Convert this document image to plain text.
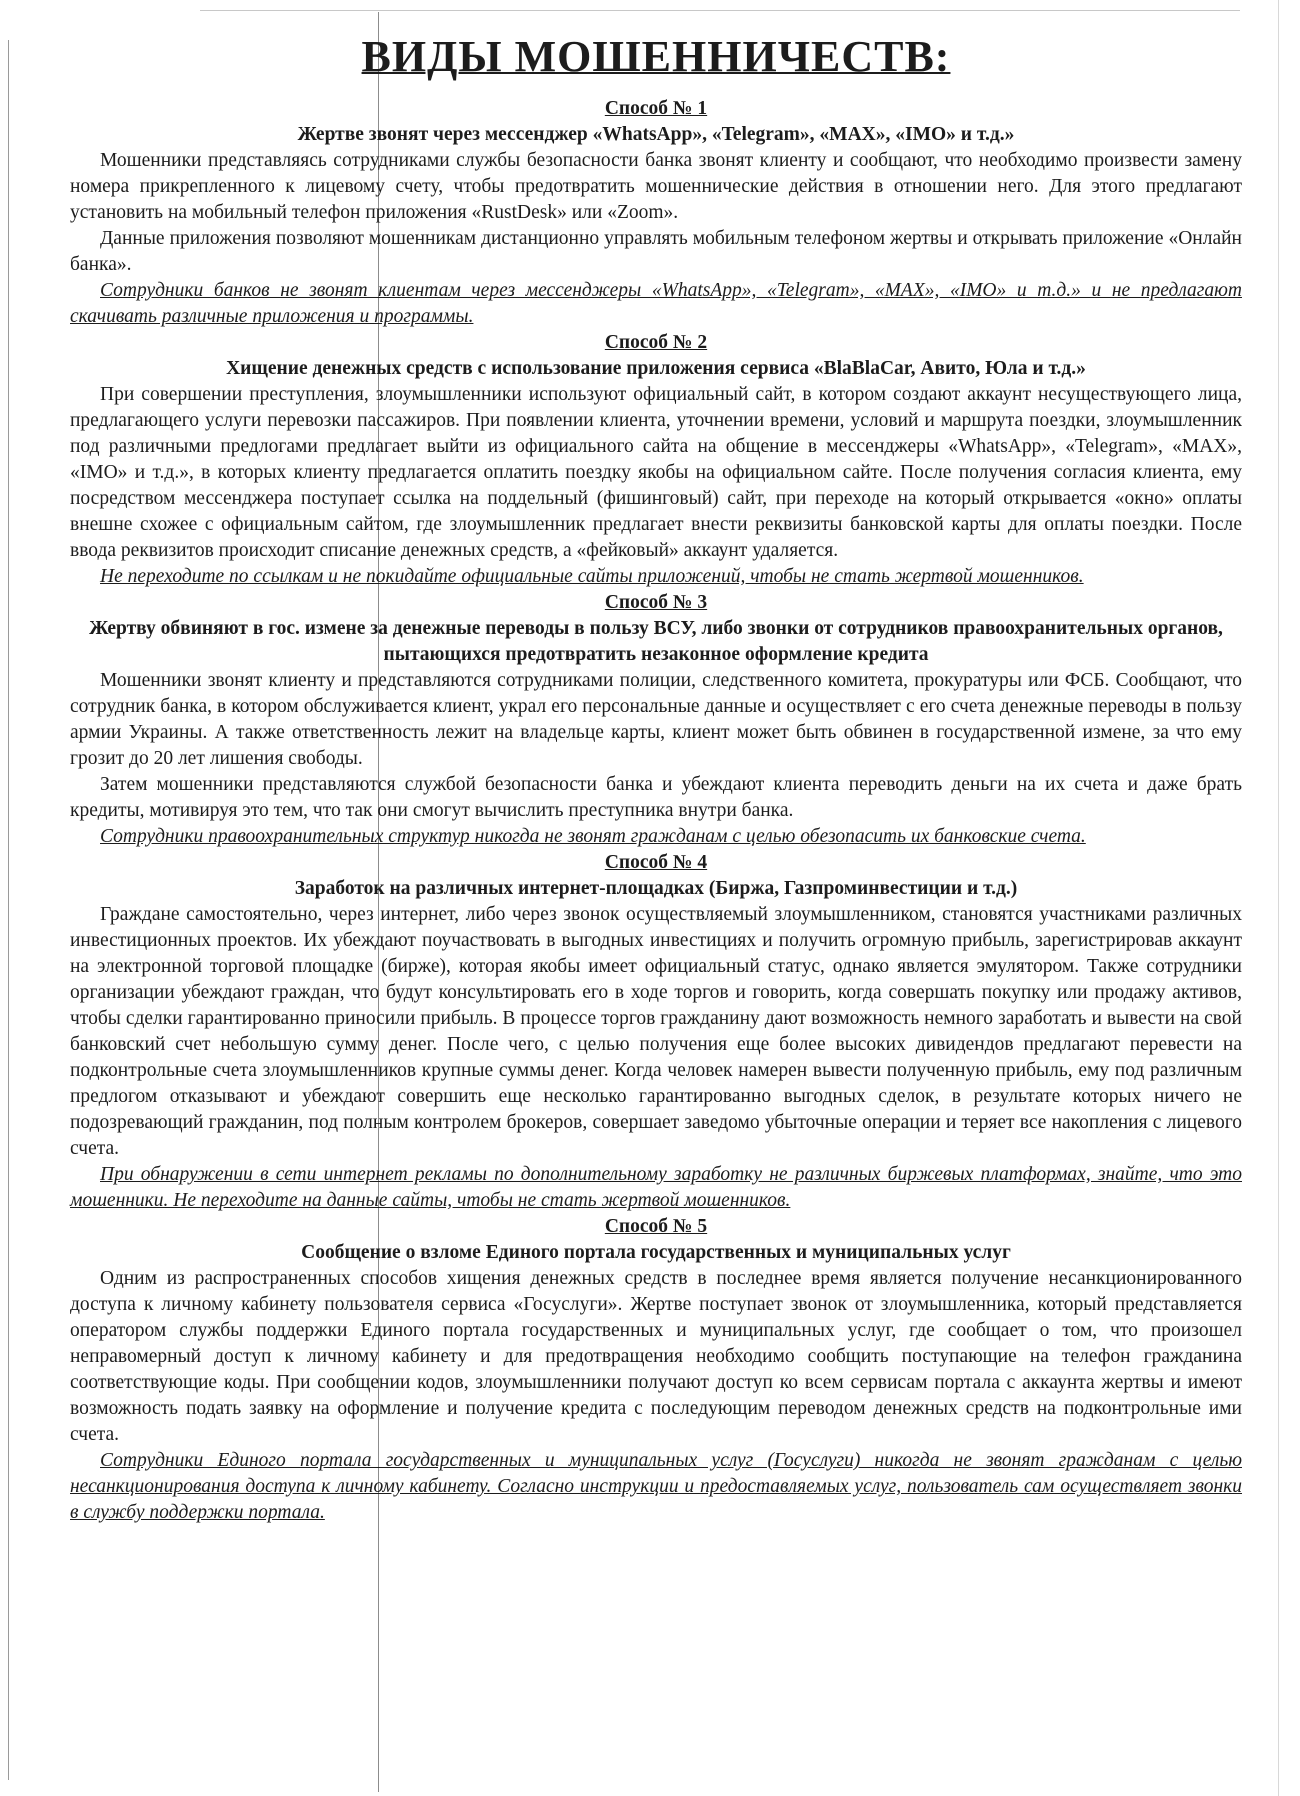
ВИДЫ МОШЕННИЧЕСТВ:
Способ № 1
Жертве звонят через мессенджер «WhatsApp», «Telegram», «MAX», «IMO» и т.д.»

Мошенники представляясь сотрудниками службы безопасности банка звонят клиенту и сообщают, что необходимо произвести замену номера прикрепленного к лицевому счету, чтобы предотвратить мошеннические действия в отношении него. Для этого предлагают установить на мобильный телефон приложения «RustDesk» или «Zoom».

Данные приложения позволяют мошенникам дистанционно управлять мобильным телефоном жертвы и открывать приложение «Онлайн банка».

Сотрудники банков не звонят клиентам через мессенджеры «WhatsApp», «Telegram», «MAX», «IMO» и т.д.» и не предлагают скачивать различные приложения и программы.

Способ № 2
Хищение денежных средств с использование приложения сервиса «BlaBlaCar, Авито, Юла и т.д.»

При совершении преступления, злоумышленники используют официальный сайт, в котором создают аккаунт несуществующего лица, предлагающего услуги перевозки пассажиров. При появлении клиента, уточнении времени, условий и маршрута поездки, злоумышленник под различными предлогами предлагает выйти из официального сайта на общение в мессенджеры «WhatsApp», «Telegram», «MAX», «IMO» и т.д.», в которых клиенту предлагается оплатить поездку якобы на официальном сайте. После получения согласия клиента, ему посредством мессенджера поступает ссылка на поддельный (фишинговый) сайт, при переходе на который открывается «окно» оплаты внешне схожее с официальным сайтом, где злоумышленник предлагает внести реквизиты банковской карты для оплаты поездки. После ввода реквизитов происходит списание денежных средств, а «фейковый» аккаунт удаляется.

Не переходите по ссылкам и не покидайте официальные сайты приложений, чтобы не стать жертвой мошенников.

Способ № 3
Жертву обвиняют в гос. измене за денежные переводы в пользу ВСУ, либо звонки от сотрудников правоохранительных органов, пытающихся предотвратить незаконное оформление кредита

Мошенники звонят клиенту и представляются сотрудниками полиции, следственного комитета, прокуратуры или ФСБ. Сообщают, что сотрудник банка, в котором обслуживается клиент, украл его персональные данные и осуществляет с его счета денежные переводы в пользу армии Украины. А также ответственность лежит на владельце карты, клиент может быть обвинен в государственной измене, за что ему грозит до 20 лет лишения свободы.

Затем мошенники представляются службой безопасности банка и убеждают клиента переводить деньги на их счета и даже брать кредиты, мотивируя это тем, что так они смогут вычислить преступника внутри банка.

Сотрудники правоохранительных структур никогда не звонят гражданам с целью обезопасить их банковские счета.

Способ № 4
Заработок на различных интернет-площадках (Биржа, Газпроминвестиции и т.д.)

Граждане самостоятельно, через интернет, либо через звонок осуществляемый злоумышленником, становятся участниками различных инвестиционных проектов. Их убеждают поучаствовать в выгодных инвестициях и получить огромную прибыль, зарегистрировав аккаунт на электронной торговой площадке (бирже), которая якобы имеет официальный статус, однако является эмулятором. Также сотрудники организации убеждают граждан, что будут консультировать его в ходе торгов и говорить, когда совершать покупку или продажу активов, чтобы сделки гарантированно приносили прибыль. В процессе торгов гражданину дают возможность немного заработать и вывести на свой банковский счет небольшую сумму денег. После чего, с целью получения еще более высоких дивидендов предлагают перевести на подконтрольные счета злоумышленников крупные суммы денег. Когда человек намерен вывести полученную прибыль, ему под различным предлогом отказывают и убеждают совершить еще несколько гарантированно выгодных сделок, в результате которых ничего не подозревающий гражданин, под полным контролем брокеров, совершает заведомо убыточные операции и теряет все накопления с лицевого счета.

При обнаружении в сети интернет рекламы по дополнительному заработку не различных биржевых платформах, знайте, что это мошенники. Не переходите на данные сайты, чтобы не стать жертвой мошенников.

Способ № 5
Сообщение о взломе Единого портала государственных и муниципальных услуг

Одним из распространенных способов хищения денежных средств в последнее время является получение несанкционированного доступа к личному кабинету пользователя сервиса «Госуслуги». Жертве поступает звонок от злоумышленника, который представляется оператором службы поддержки Единого портала государственных и муниципальных услуг, где сообщает о том, что произошел неправомерный доступ к личному кабинету и для предотвращения необходимо сообщить поступающие на телефон гражданина соответствующие коды. При сообщении кодов, злоумышленники получают доступ ко всем сервисам портала с аккаунта жертвы и имеют возможность подать заявку на оформление и получение кредита с последующим переводом денежных средств на подконтрольные ими счета.

Сотрудники Единого портала государственных и муниципальных услуг (Госуслуги) никогда не звонят гражданам с целью несанкционирования доступа к личному кабинету. Согласно инструкции и предоставляемых услуг, пользователь сам осуществляет звонки в службу поддержки портала.
